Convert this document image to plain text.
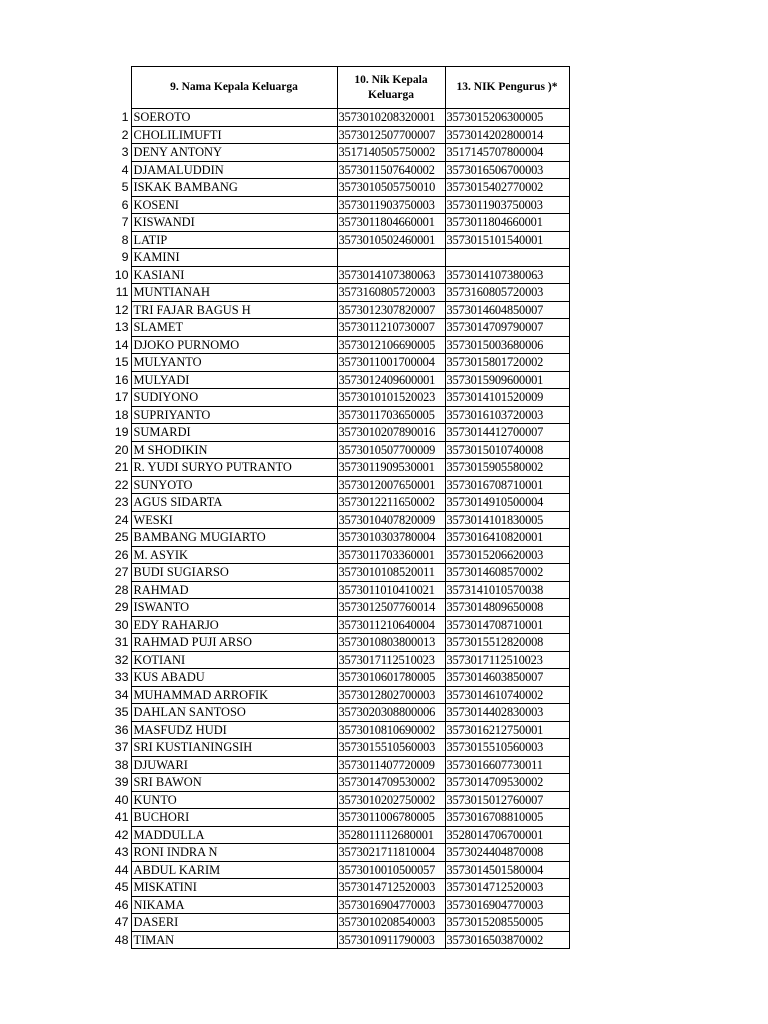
	9. Nama Kepala Keluarga	10. Nik Kepala Keluarga	13. NIK Pengurus )*
1	SOEROTO	3573010208320001	3573015206300005
2	CHOLILIMUFTI	3573012507700007	3573014202800014
3	DENY ANTONY	3517140505750002	3517145707800004
4	DJAMALUDDIN	3573011507640002	3573016506700003
5	ISKAK BAMBANG	3573010505750010	3573015402770002
6	KOSENI	3573011903750003	3573011903750003
7	KISWANDI	3573011804660001	3573011804660001
8	LATIP	3573010502460001	3573015101540001
9	KAMINI		
10	KASIANI	3573014107380063	3573014107380063
11	MUNTIANAH	3573160805720003	3573160805720003
12	TRI FAJAR BAGUS H	3573012307820007	3573014604850007
13	SLAMET	3573011210730007	3573014709790007
14	DJOKO PURNOMO	3573012106690005	3573015003680006
15	MULYANTO	3573011001700004	3573015801720002
16	MULYADI	3573012409600001	3573015909600001
17	SUDIYONO	3573010101520023	3573014101520009
18	SUPRIYANTO	3573011703650005	3573016103720003
19	SUMARDI	3573010207890016	3573014412700007
20	M SHODIKIN	3573010507700009	3573015010740008
21	R. YUDI SURYO PUTRANTO	3573011909530001	3573015905580002
22	SUNYOTO	3573012007650001	3573016708710001
23	AGUS SIDARTA	3573012211650002	3573014910500004
24	WESKI	3573010407820009	3573014101830005
25	BAMBANG MUGIARTO	3573010303780004	3573016410820001
26	M. ASYIK	3573011703360001	3573015206620003
27	BUDI SUGIARSO	3573010108520011	3573014608570002
28	RAHMAD	3573011010410021	3573141010570038
29	ISWANTO	3573012507760014	3573014809650008
30	EDY RAHARJO	3573011210640004	3573014708710001
31	RAHMAD PUJI ARSO	3573010803800013	3573015512820008
32	KOTIANI	3573017112510023	3573017112510023
33	KUS ABADU	3573010601780005	3573014603850007
34	MUHAMMAD ARROFIK	3573012802700003	3573014610740002
35	DAHLAN SANTOSO	3573020308800006	3573014402830003
36	MASFUDZ HUDI	3573010810690002	3573016212750001
37	SRI KUSTIANINGSIH	3573015510560003	3573015510560003
38	DJUWARI	3573011407720009	3573016607730011
39	SRI BAWON	3573014709530002	3573014709530002
40	KUNTO	3573010202750002	3573015012760007
41	BUCHORI	3573011006780005	3573016708810005
42	MADDULLA	3528011112680001	3528014706700001
43	RONI INDRA N	3573021711810004	3573024404870008
44	ABDUL KARIM	3573010010500057	3573014501580004
45	MISKATINI	3573014712520003	3573014712520003
46	NIKAMA	3573016904770003	3573016904770003
47	DASERI	3573010208540003	3573015208550005
48	TIMAN	3573010911790003	3573016503870002
